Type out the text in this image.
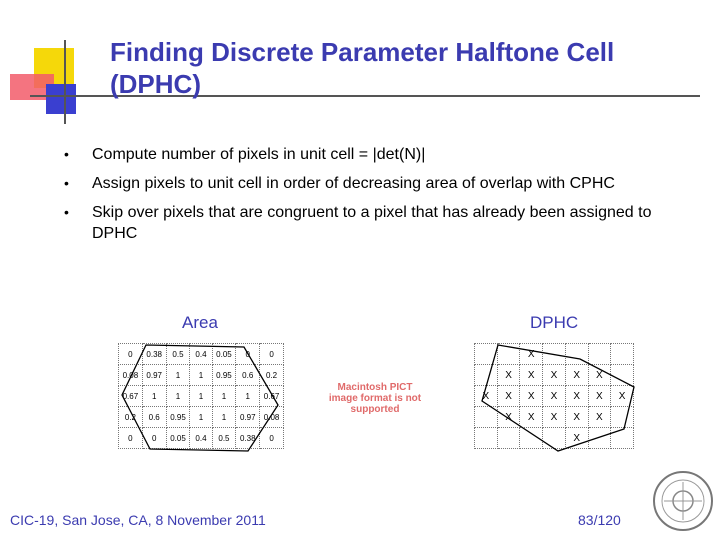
Finding Discrete Parameter Halftone Cell (DPHC)
• Compute number of pixels in unit cell = |det(N)|
• Assign pixels to unit cell in order of decreasing area of overlap with CPHC
• Skip over pixels that are congruent to a pixel that has already been assigned to DPHC
Area	DPHC
0	0.38	0.5	0.4	0.05	0	0
0.08	0.97	1	1	0.95	0.6	0.2
0.67	1	1	1	1	1	0.67
0.2	0.6	0.95	1	1	0.97	0.08
0	0	0.05	0.4	0.5	0.38	0
		X				
	X	X	X	X	X	
X	X	X	X	X	X	X
	X	X	X	X	X	
				X		
Macintosh PICT image format is not supported
CIC-19, San Jose, CA, 8 November 2011	83/120
